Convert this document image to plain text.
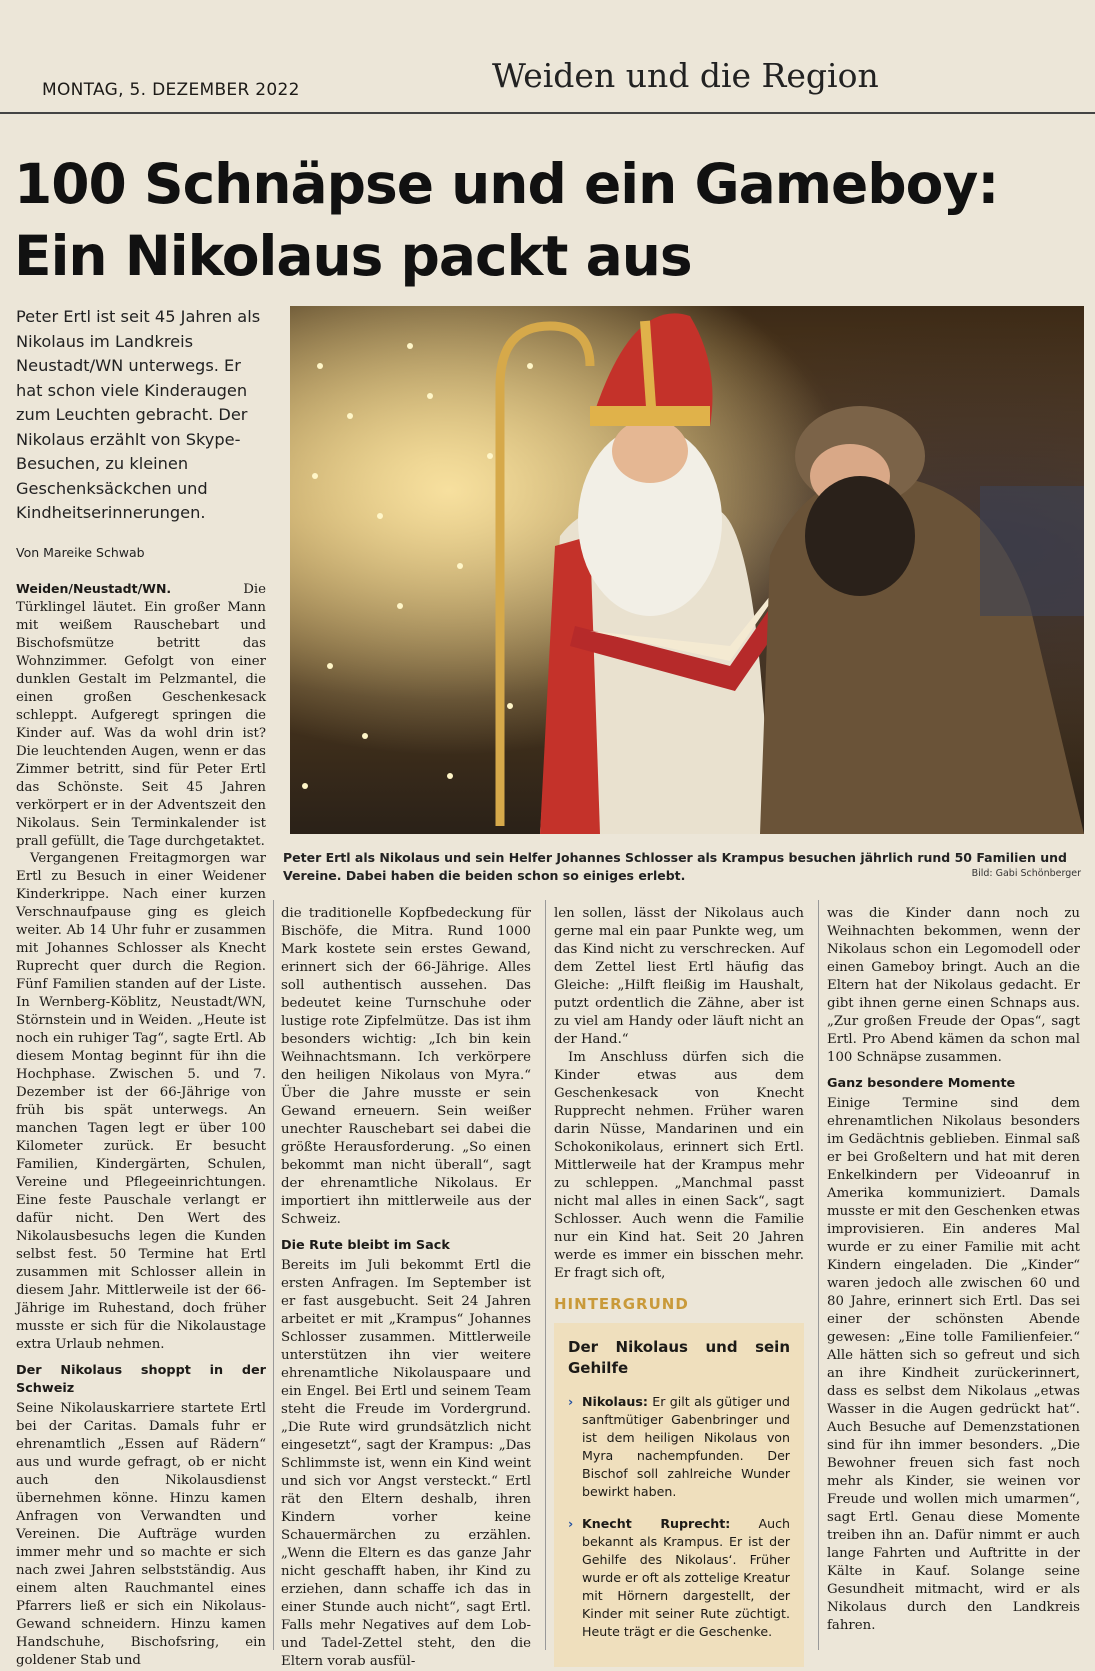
MONTAG, 5. DEZEMBER 2022	Weiden und die Region
100 Schnäpse und ein Gameboy:
Ein Nikolaus packt aus
Peter Ertl ist seit 45 Jahren als Nikolaus im Landkreis Neustadt/WN unterwegs. Er hat schon viele Kinderaugen zum Leuchten gebracht. Der Nikolaus erzählt von Skype-Besuchen, zu kleinen Geschenksäckchen und Kindheitserinnerungen.
Von Mareike Schwab

Weiden/Neustadt/WN.	Die Türklingel läutet. Ein großer Mann mit weißem Rauschebart und Bischofsmütze betritt das Wohnzimmer. Gefolgt von einer dunklen Gestalt im Pelzmantel, die einen großen Geschenkesack schleppt. Aufgeregt springen die Kinder auf. Was da wohl drin ist? Die leuchtenden Augen, wenn er das Zimmer betritt, sind für Peter Ertl das Schönste. Seit 45 Jahren verkörpert er in der Adventszeit den Nikolaus. Sein Terminkalender ist prall gefüllt, die Tage durchgetaktet.

Peter Ertl als Nikolaus und sein Helfer Johannes Schlosser als Krampus besuchen jährlich rund 50 Familien und Vereine. Dabei haben die beiden schon so einiges erlebt.	Bild: Gabi Schönberger

Vergangenen Freitagmorgen war Ertl zu Besuch in einer Weidener Kinderkrippe. Nach einer kurzen Verschnaufpause ging es gleich weiter. Ab 14 Uhr fuhr er zusammen mit Johannes Schlosser als Knecht Ruprecht quer durch die Region. Fünf Familien standen auf der Liste. In Wernberg-Köblitz, Neustadt/WN, Störnstein und in Weiden. „Heute ist noch ein ruhiger Tag“, sagte Ertl. Ab diesem Montag beginnt für ihn die Hochphase. Zwischen 5. und 7. Dezember ist der 66-Jährige von früh bis spät unterwegs. An manchen Tagen legt er über 100 Kilometer zurück. Er besucht Familien, Kindergärten, Schulen, Vereine und Pflegeeinrichtungen. Eine feste Pauschale verlangt er dafür nicht. Den Wert des Nikolausbesuchs legen die Kunden selbst fest. 50 Termine hat Ertl zusammen mit Schlosser allein in diesem Jahr. Mittlerweile ist der 66-Jährige im Ruhestand, doch früher musste er sich für die Nikolaustage extra Urlaub nehmen.

Der Nikolaus shoppt in der Schweiz

Seine Nikolauskarriere startete Ertl bei der Caritas. Damals fuhr er ehrenamtlich „Essen auf Rädern“ aus und wurde gefragt, ob er nicht auch den Nikolausdienst übernehmen könne. Hinzu kamen Anfragen von Verwandten und Vereinen. Die Aufträge wurden immer mehr und so machte er sich nach zwei Jahren selbstständig. Aus einem alten Rauchmantel eines Pfarrers ließ er sich ein Nikolaus-Gewand schneidern. Hinzu kamen Handschuhe, Bischofsring, ein goldener Stab und

die traditionelle Kopfbedeckung für Bischöfe, die Mitra. Rund 1000 Mark kostete sein erstes Gewand, erinnert sich der 66-Jährige. Alles soll authentisch aussehen. Das bedeutet keine Turnschuhe oder lustige rote Zipfelmütze. Das ist ihm besonders wichtig: „Ich bin kein Weihnachtsmann. Ich verkörpere den heiligen Nikolaus von Myra.“ Über die Jahre musste er sein Gewand erneuern. Sein weißer unechter Rauschebart sei dabei die größte Herausforderung. „So einen bekommt man nicht überall“, sagt der ehrenamtliche Nikolaus. Er importiert ihn mittlerweile aus der Schweiz.

Die Rute bleibt im Sack

Bereits im Juli bekommt Ertl die ersten Anfragen. Im September ist er fast ausgebucht. Seit 24 Jahren arbeitet er mit „Krampus“ Johannes Schlosser zusammen. Mittlerweile unterstützen ihn vier weitere ehrenamtliche Nikolauspaare und ein Engel. Bei Ertl und seinem Team steht die Freude im Vordergrund. „Die Rute wird grundsätzlich nicht eingesetzt“, sagt der Krampus: „Das Schlimmste ist, wenn ein Kind weint und sich vor Angst versteckt.“ Ertl rät den Eltern deshalb, ihren Kindern vorher keine Schauermärchen zu erzählen. „Wenn die Eltern es das ganze Jahr nicht geschafft haben, ihr Kind zu erziehen, dann schaffe ich das in einer Stunde auch nicht“, sagt Ertl. Falls mehr Negatives auf dem Lob- und Tadel-Zettel steht, den die Eltern vorab ausfül-

len sollen, lässt der Nikolaus auch gerne mal ein paar Punkte weg, um das Kind nicht zu verschrecken. Auf dem Zettel liest Ertl häufig das Gleiche: „Hilft fleißig im Haushalt, putzt ordentlich die Zähne, aber ist zu viel am Handy oder läuft nicht an der Hand.“

Im Anschluss dürfen sich die Kinder etwas aus dem Geschenkesack von Knecht Rupprecht nehmen. Früher waren darin Nüsse, Mandarinen und ein Schokonikolaus, erinnert sich Ertl. Mittlerweile hat der Krampus mehr zu schleppen. „Manchmal passt nicht mal alles in einen Sack“, sagt Schlosser. Auch wenn die Familie nur ein Kind hat. Seit 20 Jahren werde es immer ein bisschen mehr. Er fragt sich oft,

HINTERGRUND
Der Nikolaus und sein Gehilfe
› Nikolaus: Er gilt als gütiger und sanftmütiger Gabenbringer und ist dem heiligen Nikolaus von Myra nachempfunden. Der Bischof soll zahlreiche Wunder bewirkt haben.
› Knecht Ruprecht: Auch bekannt als Krampus. Er ist der Gehilfe des Nikolaus‘. Früher wurde er oft als zottelige Kreatur mit Hörnern dargestellt, der Kinder mit seiner Rute züchtigt. Heute trägt er die Geschenke.

was die Kinder dann noch zu Weihnachten bekommen, wenn der Nikolaus schon ein Legomodell oder einen Gameboy bringt. Auch an die Eltern hat der Nikolaus gedacht. Er gibt ihnen gerne einen Schnaps aus. „Zur großen Freude der Opas“, sagt Ertl. Pro Abend kämen da schon mal 100 Schnäpse zusammen.

Ganz besondere Momente

Einige Termine sind dem ehrenamtlichen Nikolaus besonders im Gedächtnis geblieben. Einmal saß er bei Großeltern und hat mit deren Enkelkindern per Videoanruf in Amerika kommuniziert. Damals musste er mit den Geschenken etwas improvisieren. Ein anderes Mal wurde er zu einer Familie mit acht Kindern eingeladen. Die „Kinder“ waren jedoch alle zwischen 60 und 80 Jahre, erinnert sich Ertl. Das sei einer der schönsten Abende gewesen: „Eine tolle Familienfeier.“ Alle hätten sich so gefreut und sich an ihre Kindheit zurückerinnert, dass es selbst dem Nikolaus „etwas Wasser in die Augen gedrückt hat“. Auch Besuche auf Demenzstationen sind für ihn immer besonders. „Die Bewohner freuen sich fast noch mehr als Kinder, sie weinen vor Freude und wollen mich umarmen“, sagt Ertl. Genau diese Momente treiben ihn an. Dafür nimmt er auch lange Fahrten und Auftritte in der Kälte in Kauf. Solange seine Gesundheit mitmacht, wird er als Nikolaus durch den Landkreis fahren.
